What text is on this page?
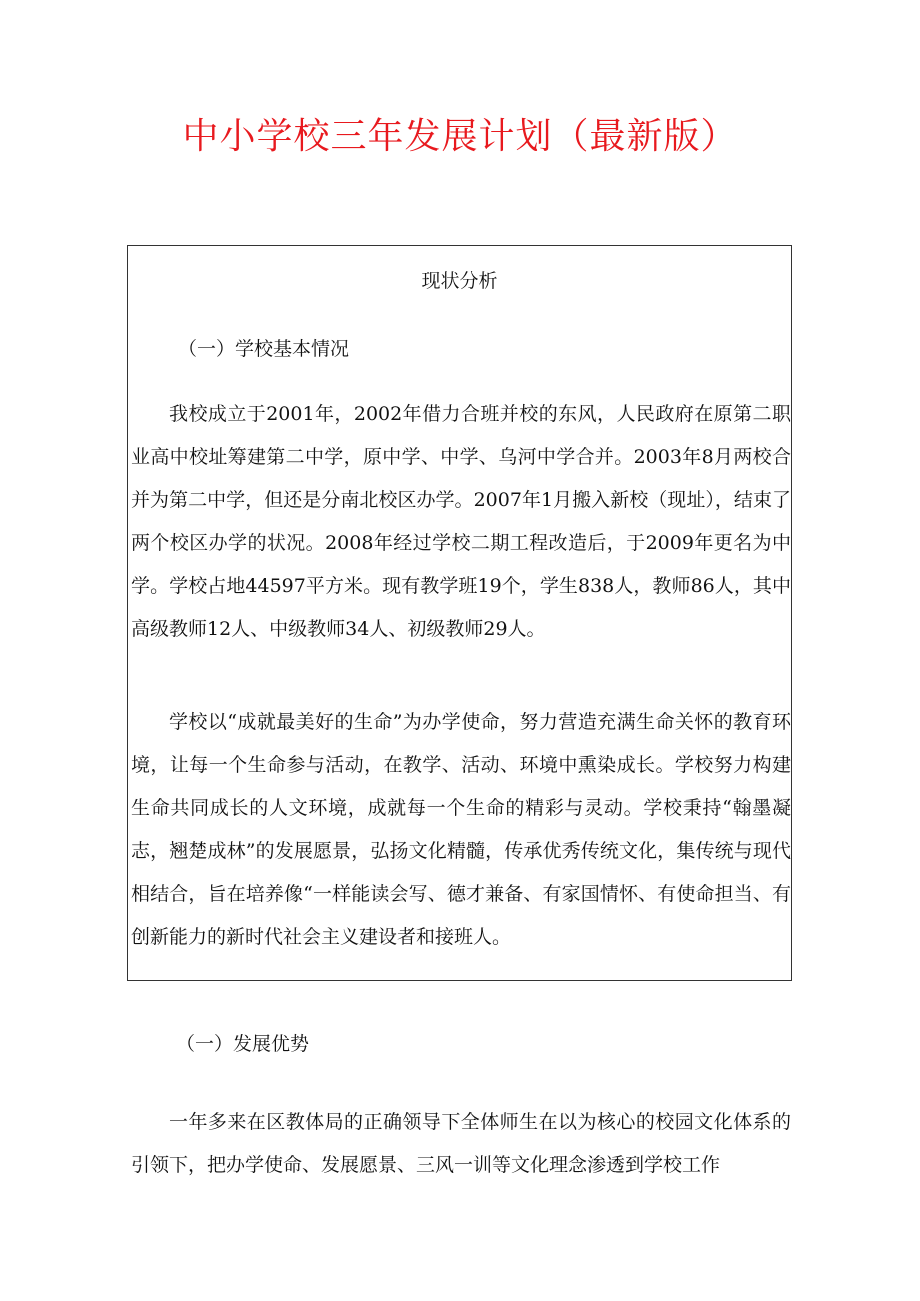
中小学校三年发展计划（最新版）
现状分析
（一）学校基本情况

我校成立于2001年，2002年借力合班并校的东风，人民政府在原第二职业高中校址筹建第二中学，原中学、中学、乌河中学合并。2003年8月两校合并为第二中学，但还是分南北校区办学。2007年1月搬入新校（现址），结束了两个校区办学的状况。2008年经过学校二期工程改造后，于2009年更名为中学。学校占地44597平方米。现有教学班19个，学生838人，教师86人，其中高级教师12人、中级教师34人、初级教师29人。

学校以“成就最美好的生命”为办学使命，努力营造充满生命关怀的教育环境，让每一个生命参与活动，在教学、活动、环境中熏染成长。学校努力构建生命共同成长的人文环境，成就每一个生命的精彩与灵动。学校秉持“翰墨凝志，翘楚成林”的发展愿景，弘扬文化精髓，传承优秀传统文化，集传统与现代相结合，旨在培养像“一样能读会写、德才兼备、有家国情怀、有使命担当、有创新能力的新时代社会主义建设者和接班人。

（一）发展优势

一年多来在区教体局的正确领导下全体师生在以为核心的校园文化体系的引领下，把办学使命、发展愿景、三风一训等文化理念渗透到学校工作
